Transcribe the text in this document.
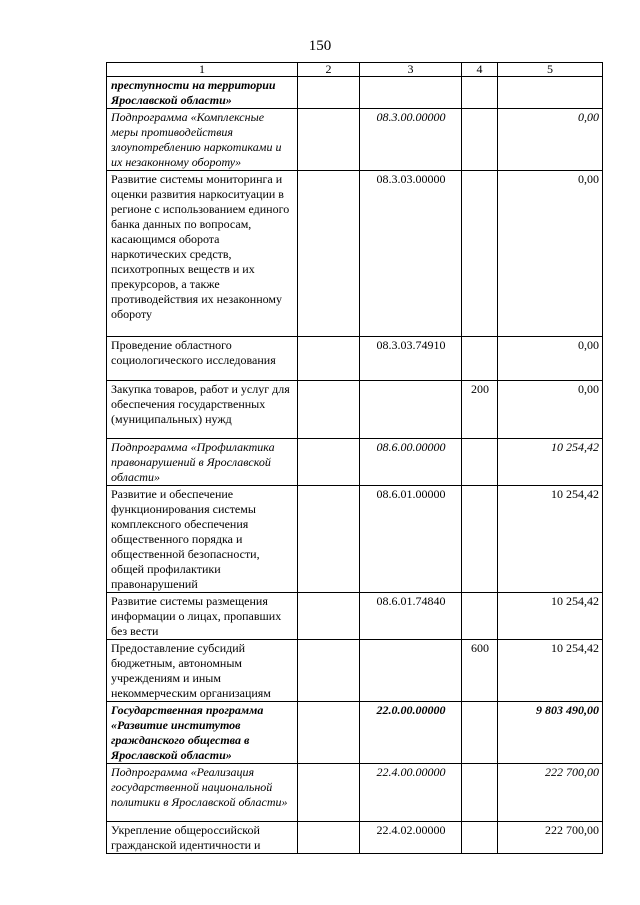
150
1	2	3	4	5
преступности на территории Ярославской области»				
Подпрограмма «Комплексные меры противодействия злоупотреблению наркотиками и их незаконному обороту»		08.3.00.00000		0,00
Развитие системы мониторинга и оценки развития наркоситуации в регионе с использованием единого банка данных по вопросам, касающимся оборота наркотических средств, психотропных веществ и их прекурсоров, а также противодействия их незаконному обороту		08.3.03.00000		0,00
Проведение областного социологического исследования		08.3.03.74910		0,00
Закупка товаров, работ и услуг для обеспечения государственных (муниципальных) нужд			200	0,00
Подпрограмма «Профилактика правонарушений в Ярославской области»		08.6.00.00000		10 254,42
Развитие и обеспечение функционирования системы комплексного обеспечения общественного порядка и общественной безопасности, общей профилактики правонарушений		08.6.01.00000		10 254,42
Развитие системы размещения информации о лицах, пропавших без вести		08.6.01.74840		10 254,42
Предоставление субсидий бюджетным, автономным учреждениям и иным некоммерческим организациям			600	10 254,42
Государственная программа «Развитие институтов гражданского общества в Ярославской области»		22.0.00.00000		9 803 490,00
Подпрограмма «Реализация государственной национальной политики в Ярославской области»		22.4.00.00000		222 700,00
Укрепление общероссийской гражданской идентичности и		22.4.02.00000		222 700,00
